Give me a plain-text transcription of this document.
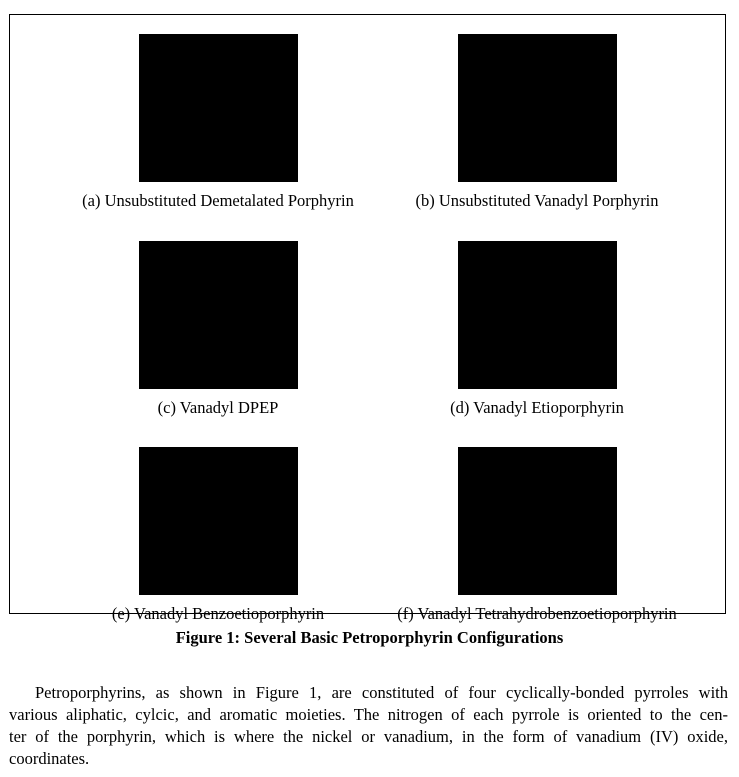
(a) Unsubstituted Demetalated Porphyrin	(b) Unsubstituted Vanadyl Porphyrin
(c) Vanadyl DPEP	(d) Vanadyl Etioporphyrin
(e) Vanadyl Benzoetioporphyrin	(f) Vanadyl Tetrahydrobenzoetioporphyrin
Figure 1: Several Basic Petroporphyrin Configurations
Petroporphyrins, as shown in Figure 1, are constituted of four cyclically-bonded pyrroles with
various aliphatic, cylcic, and aromatic moieties. The nitrogen of each pyrrole is oriented to the cen-
ter of the porphyrin, which is where the nickel or vanadium, in the form of vanadium (IV) oxide,
coordinates.
